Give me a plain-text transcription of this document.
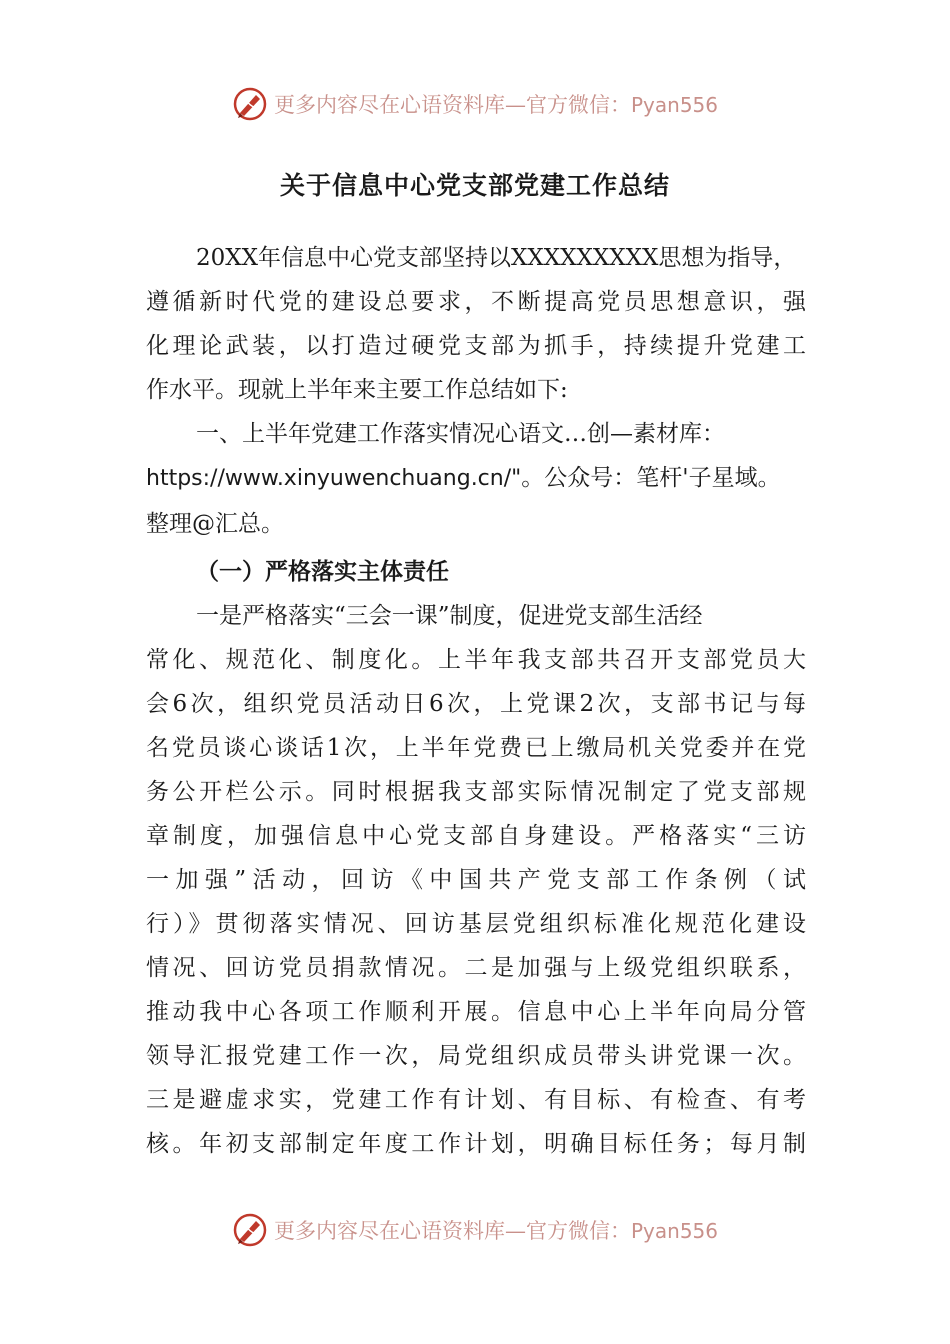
更多内容尽在心语资料库—官方微信：Pyan556
关于信息中心党支部党建工作总结

20XX年信息中心党支部坚持以XXXXXXXXX思想为指导，

遵循新时代党的建设总要求，不断提高党员思想意识，强

化理论武装，以打造过硬党支部为抓手，持续提升党建工

作水平。现就上半年来主要工作总结如下:

一、上半年党建工作落实情况心语文…创—素材库：

https://www.xinyuwenchuang.cn/"。公众号：笔杆'子星域。

整理@汇总。

（一）严格落实主体责任

一是严格落实“三会一课”制度，促进党支部生活经

常化、规范化、制度化。上半年我支部共召开支部党员大

会6次，组织党员活动日6次，上党课2次，支部书记与每

名党员谈心谈话1次，上半年党费已上缴局机关党委并在党

务公开栏公示。同时根据我支部实际情况制定了党支部规

章制度，加强信息中心党支部自身建设。严格落实“三访

一加强”活动，回访《中国共产党支部工作条例（试

行）》贯彻落实情况、回访基层党组织标准化规范化建设

情况、回访党员捐款情况。二是加强与上级党组织联系，

推动我中心各项工作顺利开展。信息中心上半年向局分管

领导汇报党建工作一次，局党组织成员带头讲党课一次。

三是避虚求实，党建工作有计划、有目标、有检查、有考

核。年初支部制定年度工作计划，明确目标任务；每月制

更多内容尽在心语资料库—官方微信：Pyan556
